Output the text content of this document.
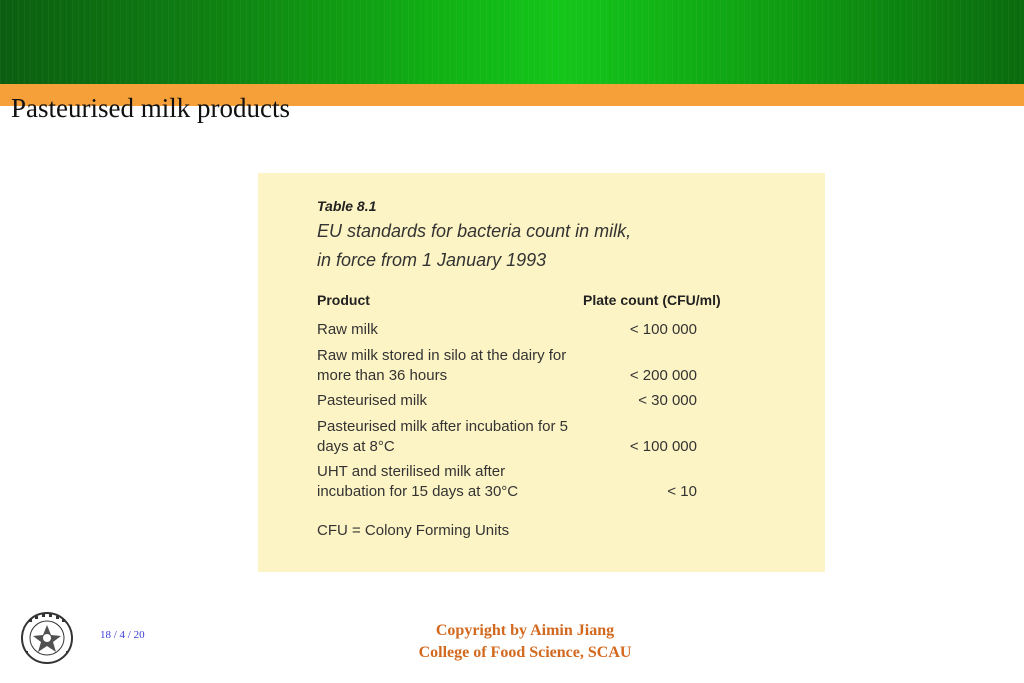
Pasteurised milk products
Table 8.1
EU standards for bacteria count in milk,
in force from 1 January 1993
Product	Plate count (CFU/ml)
Raw milk	< 100 000
Raw milk stored in silo at the dairy for more than 36 hours	< 200 000
Pasteurised milk	< 30 000
Pasteurised milk after incubation for 5 days at 8°C	< 100 000
UHT and sterilised milk after incubation for 15 days at 30°C	< 10
CFU = Colony Forming Units
18 / 4 / 20	Copyright by Aimin Jiang
College of Food Science, SCAU
